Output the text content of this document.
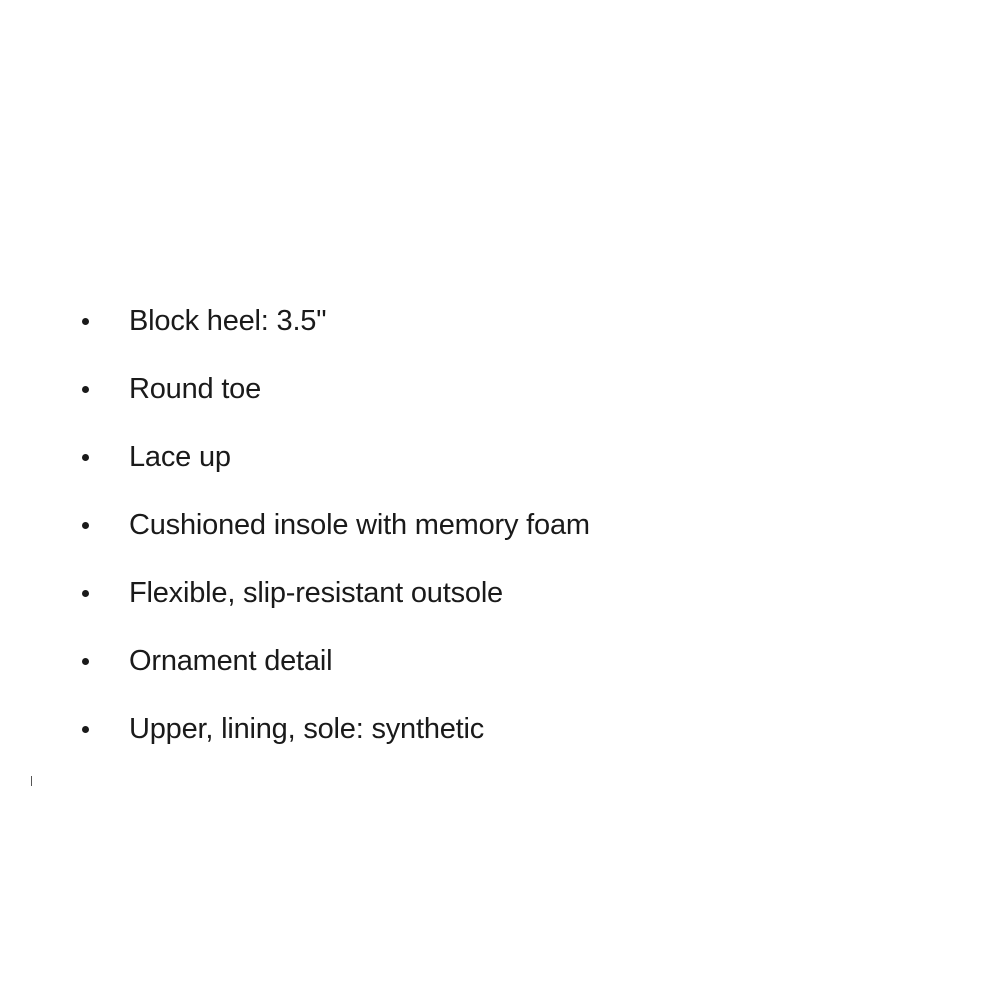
Block heel: 3.5"
Round toe
Lace up
Cushioned insole with memory foam
Flexible, slip-resistant outsole
Ornament detail
Upper, lining, sole: synthetic
